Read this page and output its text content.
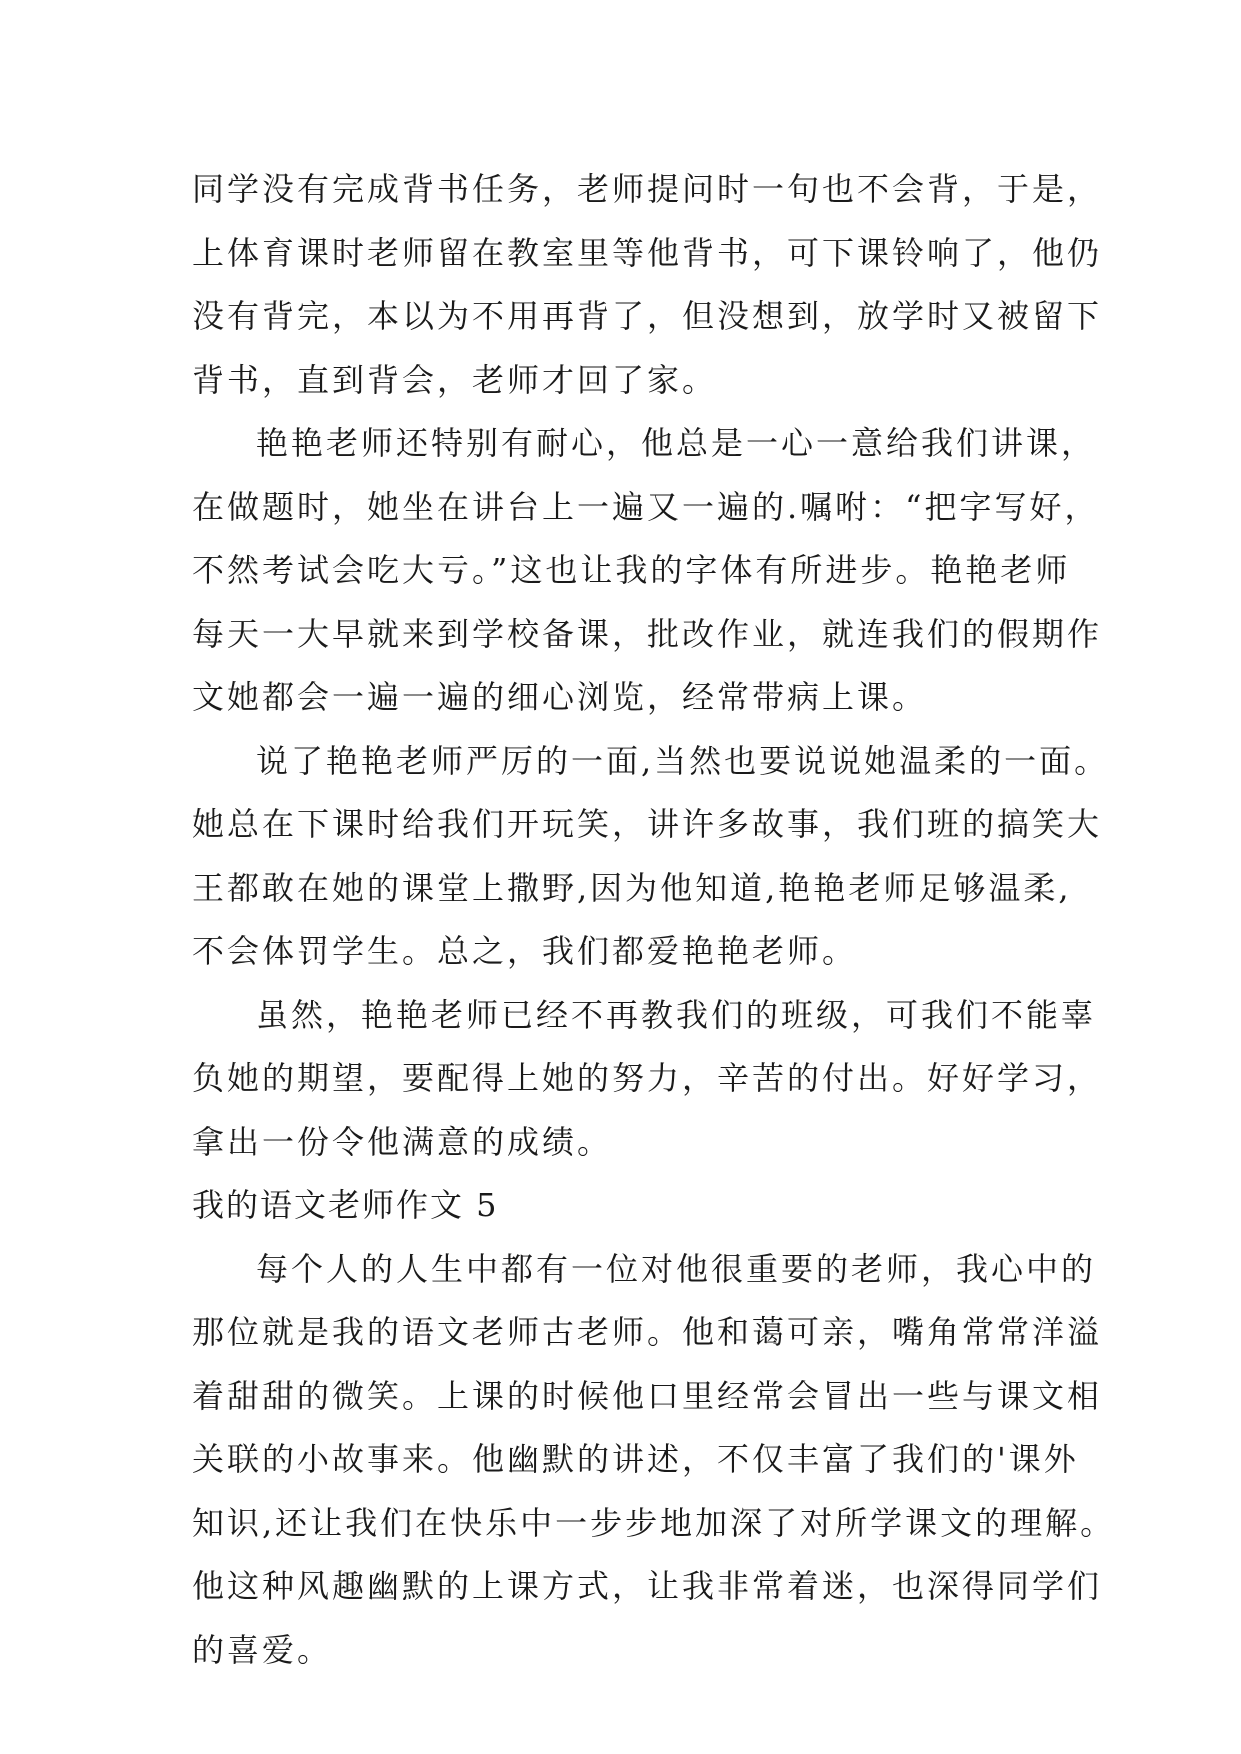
同学没有完成背书任务，老师提问时一句也不会背，于是，
上体育课时老师留在教室里等他背书，可下课铃响了，他仍
没有背完，本以为不用再背了，但没想到，放学时又被留下
背书，直到背会，老师才回了家。
艳艳老师还特别有耐心，他总是一心一意给我们讲课，
在做题时，她坐在讲台上一遍又一遍的.嘱咐：“把字写好，
不然考试会吃大亏。”这也让我的字体有所进步。艳艳老师
每天一大早就来到学校备课，批改作业，就连我们的假期作
文她都会一遍一遍的细心浏览，经常带病上课。
说了艳艳老师严厉的一面,当然也要说说她温柔的一面。
她总在下课时给我们开玩笑，讲许多故事，我们班的搞笑大
王都敢在她的课堂上撒野,因为他知道,艳艳老师足够温柔,
不会体罚学生。总之，我们都爱艳艳老师。
虽然，艳艳老师已经不再教我们的班级，可我们不能辜
负她的期望，要配得上她的努力，辛苦的付出。好好学习，
拿出一份令他满意的成绩。
我的语文老师作文 5
每个人的人生中都有一位对他很重要的老师，我心中的
那位就是我的语文老师古老师。他和蔼可亲，嘴角常常洋溢
着甜甜的微笑。上课的时候他口里经常会冒出一些与课文相
关联的小故事来。他幽默的讲述，不仅丰富了我们的'课外
知识,还让我们在快乐中一步步地加深了对所学课文的理解。
他这种风趣幽默的上课方式，让我非常着迷，也深得同学们
的喜爱。
